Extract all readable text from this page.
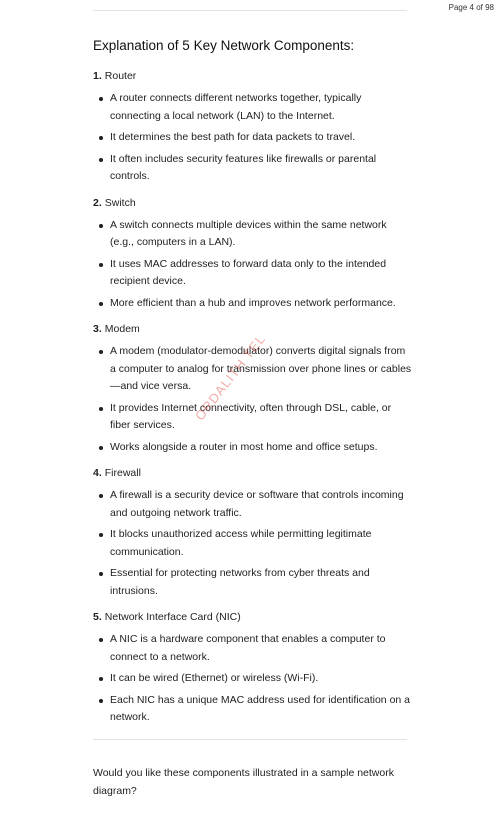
Page 4 of 98
Explanation of 5 Key Network Components:
1. Router
A router connects different networks together, typically connecting a local network (LAN) to the Internet.
It determines the best path for data packets to travel.
It often includes security features like firewalls or parental controls.
2. Switch
A switch connects multiple devices within the same network (e.g., computers in a LAN).
It uses MAC addresses to forward data only to the intended recipient device.
More efficient than a hub and improves network performance.
3. Modem
A modem (modulator-demodulator) converts digital signals from a computer to analog for transmission over phone lines or cables—and vice versa.
It provides Internet connectivity, often through DSL, cable, or fiber services.
Works alongside a router in most home and office setups.
4. Firewall
A firewall is a security device or software that controls incoming and outgoing network traffic.
It blocks unauthorized access while permitting legitimate communication.
Essential for protecting networks from cyber threats and intrusions.
5. Network Interface Card (NIC)
A NIC is a hardware component that enables a computer to connect to a network.
It can be wired (Ethernet) or wireless (Wi-Fi).
Each NIC has a unique MAC address used for identification on a network.
Would you like these components illustrated in a sample network diagram?
ORDALITH TEL
